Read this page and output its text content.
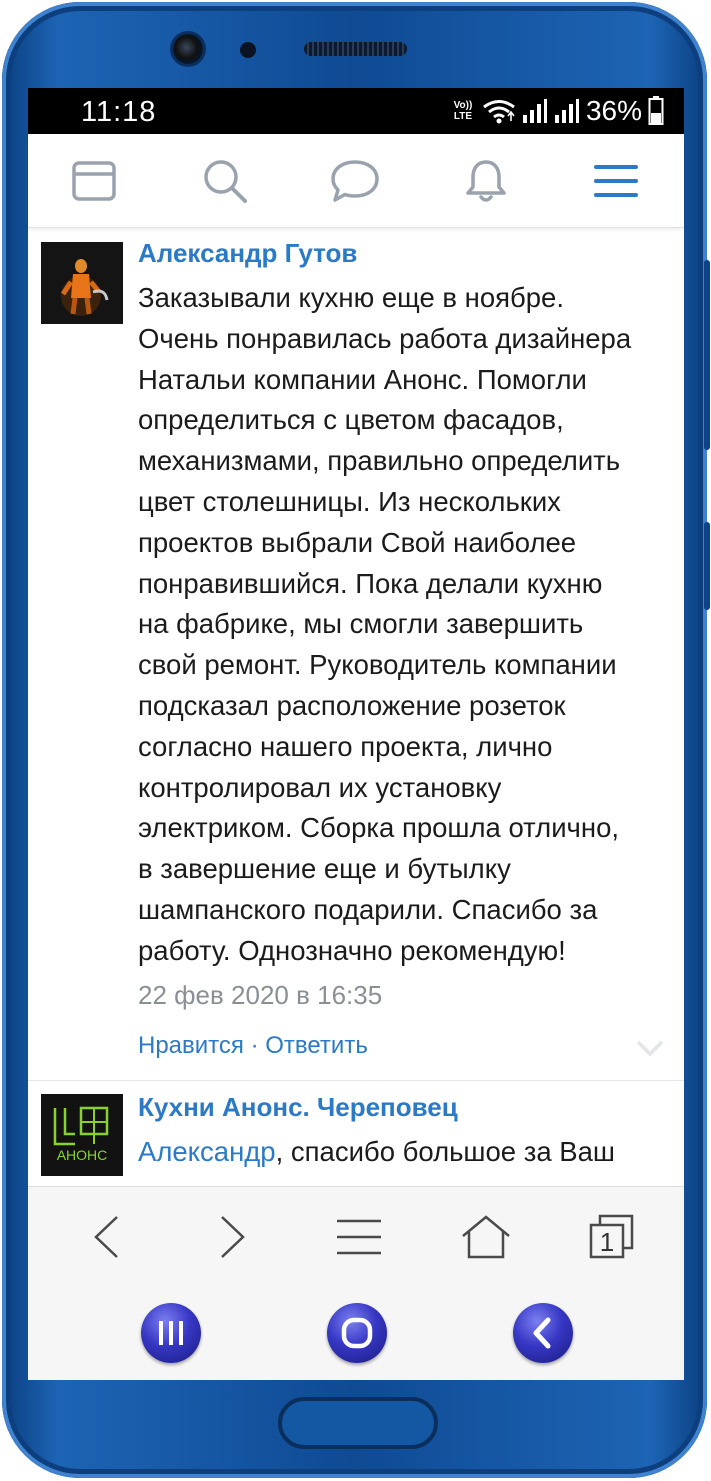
11:18	Vo))
LTE	36%
Александр Гутов
Заказывали кухню еще в ноябре.
Очень понравилась работа дизайнера
Натальи компании Анонс. Помогли
определиться с цветом фасадов,
механизмами, правильно определить
цвет столешницы. Из нескольких
проектов выбрали Свой наиболее
понравившийся. Пока делали кухню
на фабрике, мы смогли завершить
свой ремонт. Руководитель компании
подсказал расположение розеток
согласно нашего проекта, лично
контролировал их установку
электриком. Сборка прошла отлично,
в завершение еще и бутылку
шампанского подарили. Спасибо за
работу. Однозначно рекомендую!
22 фев 2020 в 16:35
Нравится · Ответить
АНОНС
Кухни Анонс. Череповец
Александр, спасибо большое за Ваш
1
